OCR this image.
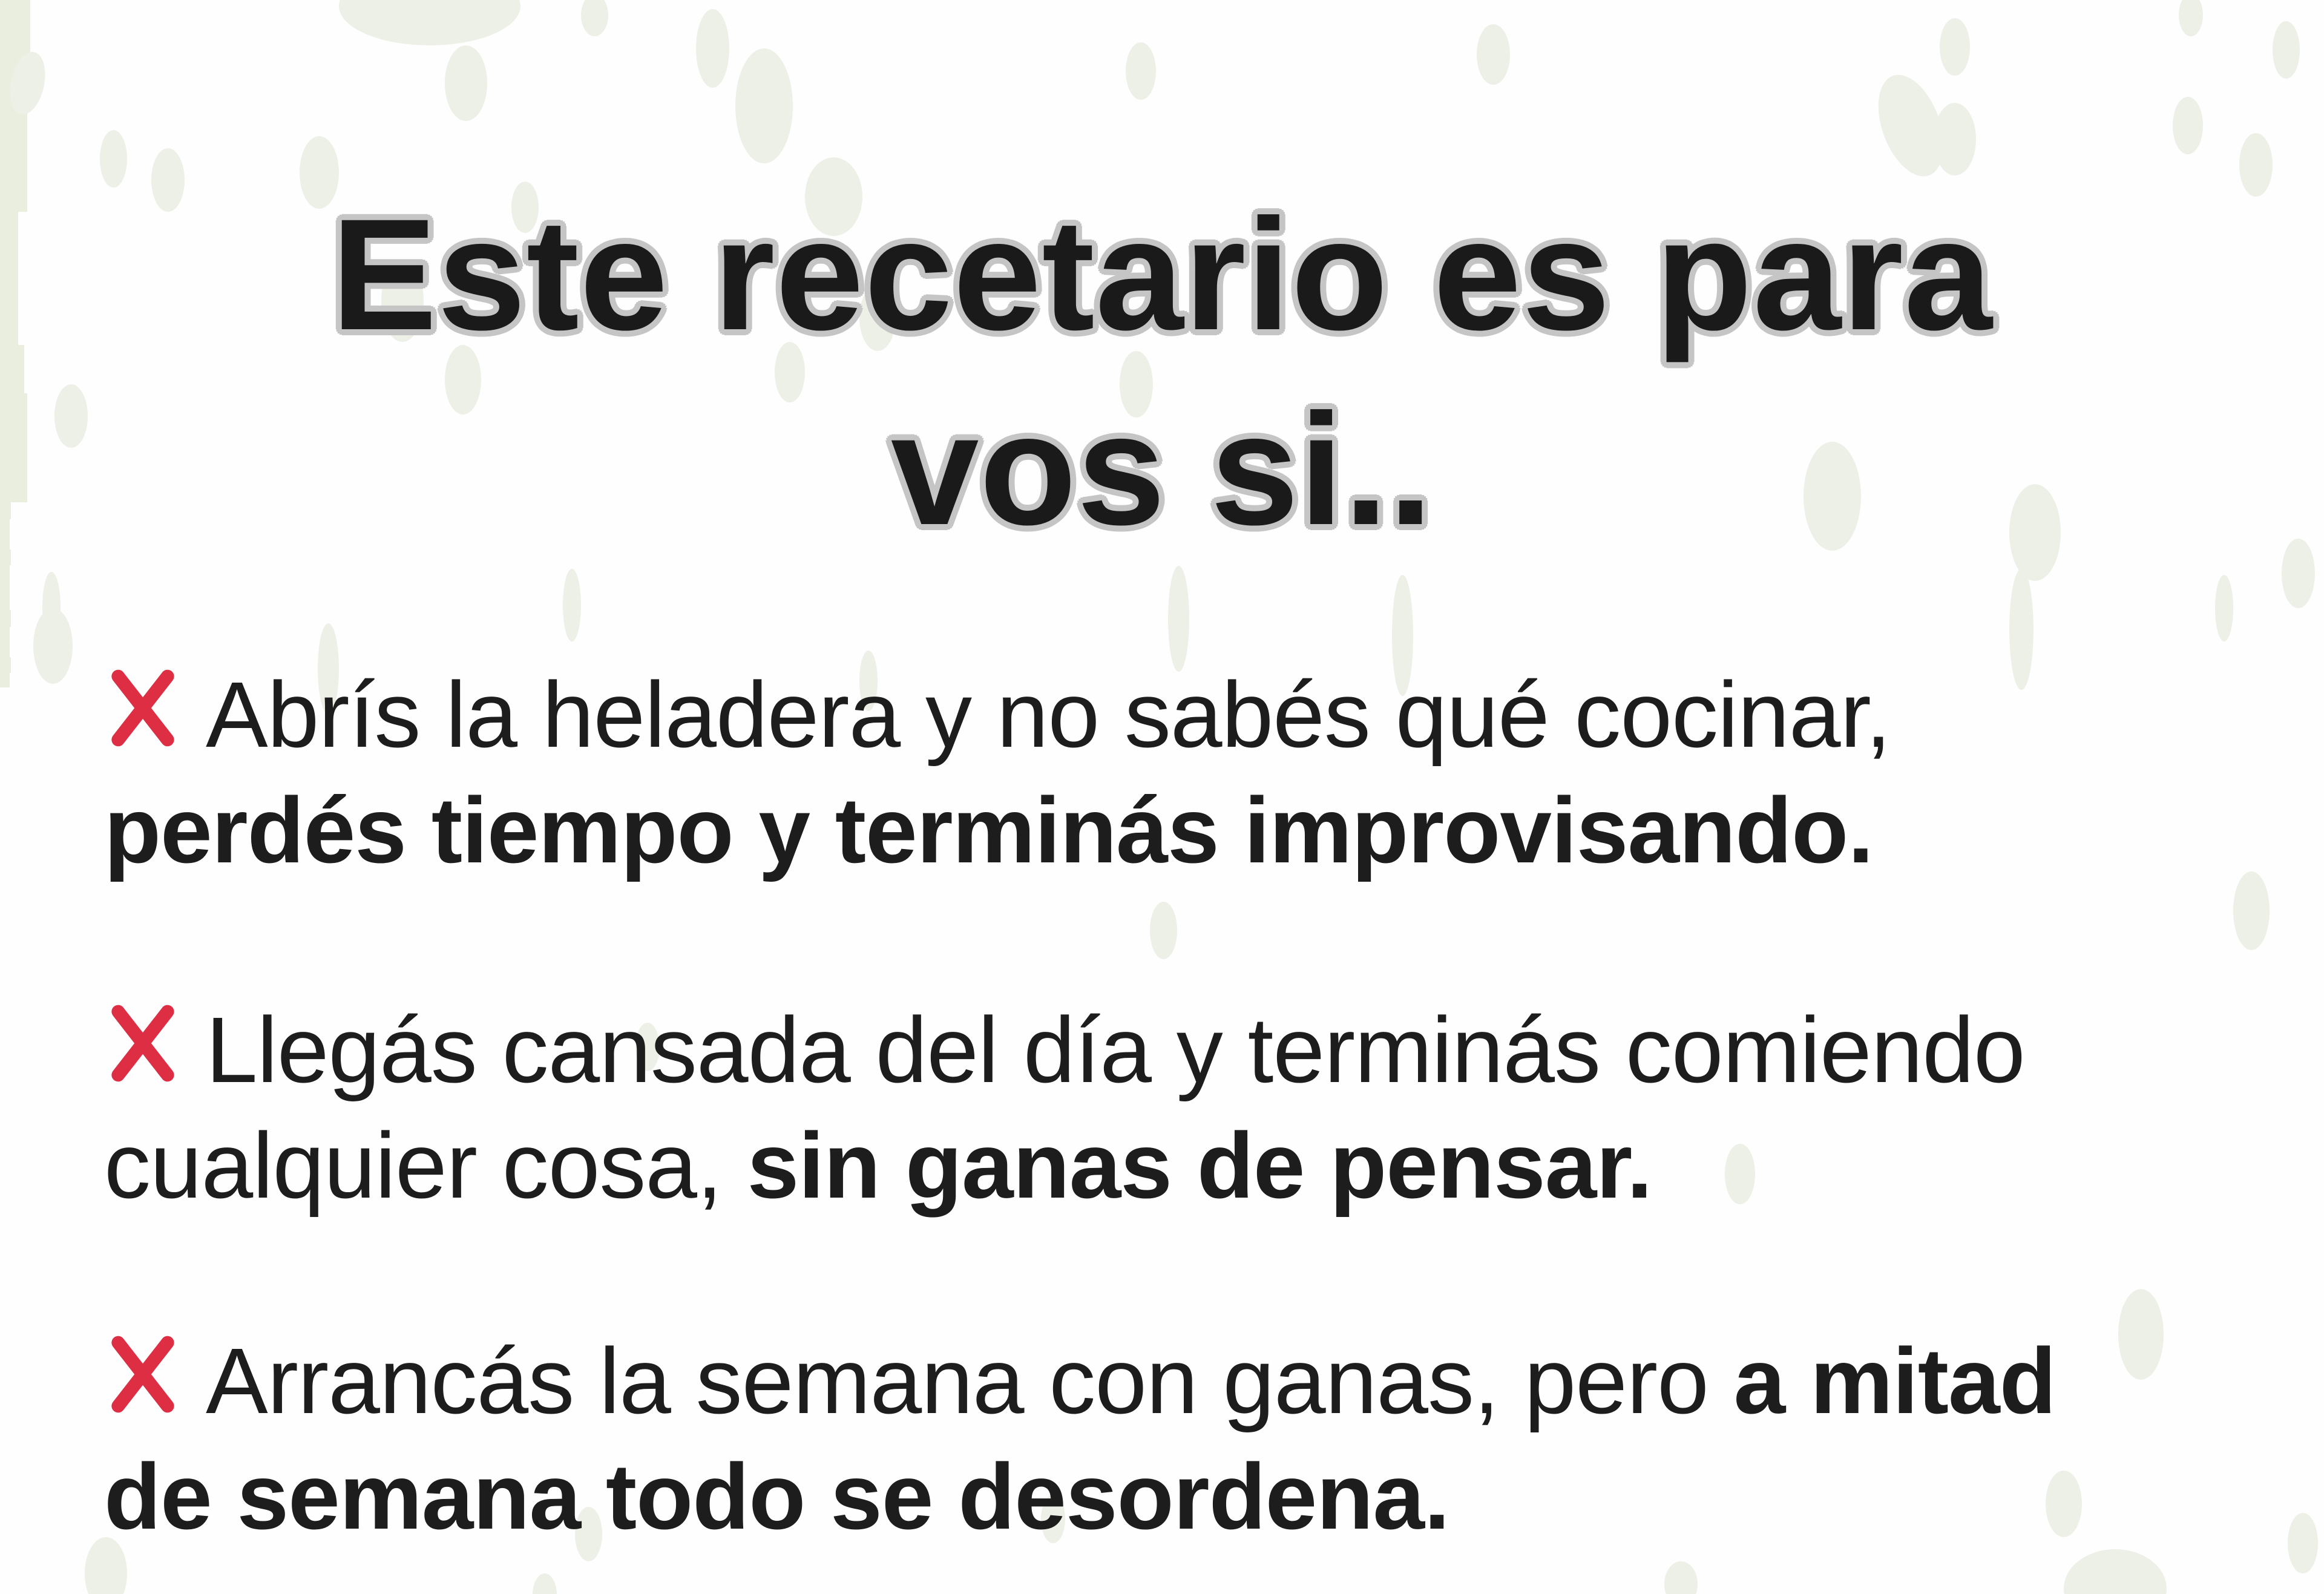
Este recetario es para
vos si..

Abrís la heladera y no sabés qué cocinar,
perdés tiempo y terminás improvisando.

Llegás cansada del día y terminás comiendo
cualquier cosa, sin ganas de pensar.

Arrancás la semana con ganas, pero a mitad
de semana todo se desordena.
